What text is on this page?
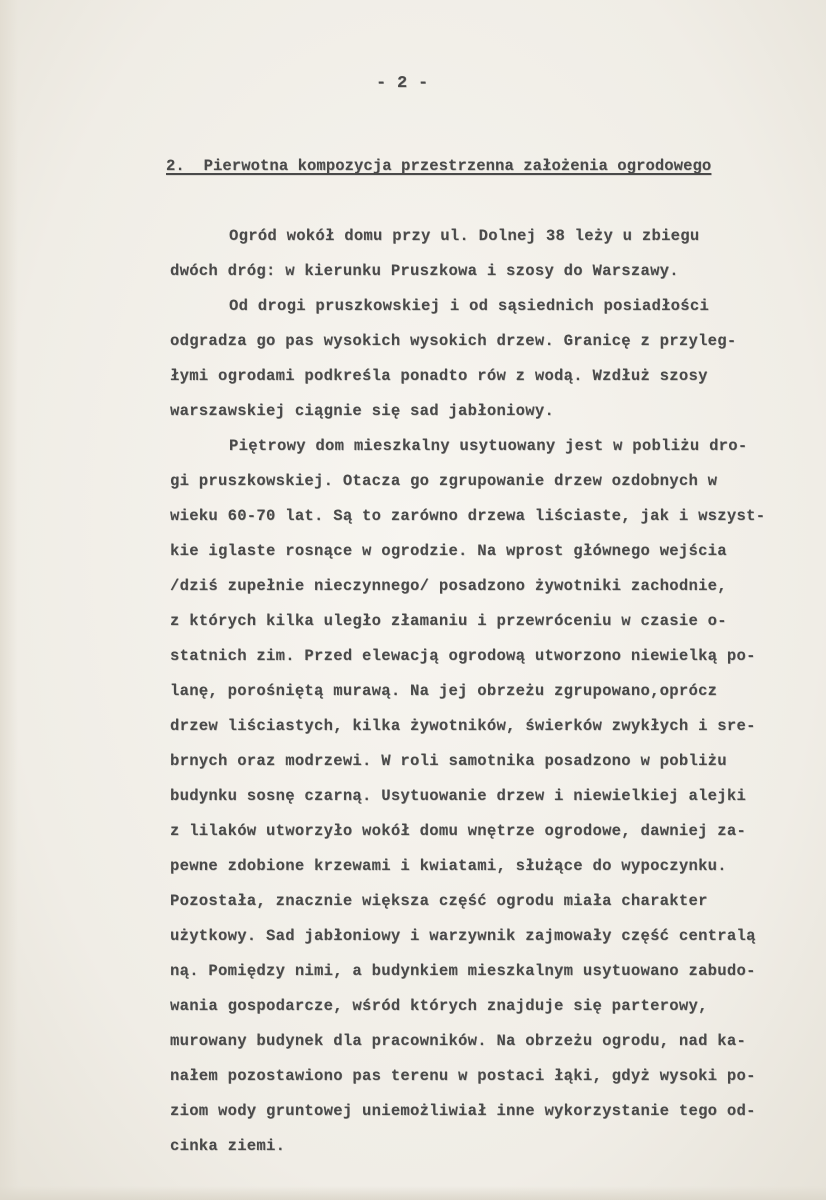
- 2 -
2.  Pierwotna kompozycja przestrzenna założenia ogrodowego
Ogród wokół domu przy ul. Dolnej 38 leży u zbiegu
dwóch dróg: w kierunku Pruszkowa i szosy do Warszawy.
Od drogi pruszkowskiej i od sąsiednich posiadłości
odgradza go pas wysokich wysokich drzew. Granicę z przyleg-
łymi ogrodami podkreśla ponadto rów z wodą. Wzdłuż szosy
warszawskiej ciągnie się sad jabłoniowy.
Piętrowy dom mieszkalny usytuowany jest w pobliżu dro-
gi pruszkowskiej. Otacza go zgrupowanie drzew ozdobnych w
wieku 60-70 lat. Są to zarówno drzewa liściaste, jak i wszyst-
kie iglaste rosnące w ogrodzie. Na wprost głównego wejścia
/dziś zupełnie nieczynnego/ posadzono żywotniki zachodnie,
z których kilka uległo złamaniu i przewróceniu w czasie o-
statnich zim. Przed elewacją ogrodową utworzono niewielką po-
lanę, porośniętą murawą. Na jej obrzeżu zgrupowano,oprócz
drzew liściastych, kilka żywotników, świerków zwykłych i sre-
brnych oraz modrzewi. W roli samotnika posadzono w pobliżu
budynku sosnę czarną. Usytuowanie drzew i niewielkiej alejki
z lilaków utworzyło wokół domu wnętrze ogrodowe, dawniej za-
pewne zdobione krzewami i kwiatami, służące do wypoczynku.
Pozostała, znacznie większa część ogrodu miała charakter
użytkowy. Sad jabłoniowy i warzywnik zajmowały część centralą
ną. Pomiędzy nimi, a budynkiem mieszkalnym usytuowano zabudo-
wania gospodarcze, wśród których znajduje się parterowy,
murowany budynek dla pracowników. Na obrzeżu ogrodu, nad ka-
nałem pozostawiono pas terenu w postaci łąki, gdyż wysoki po-
ziom wody gruntowej uniemożliwiał inne wykorzystanie tego od-
cinka ziemi.
